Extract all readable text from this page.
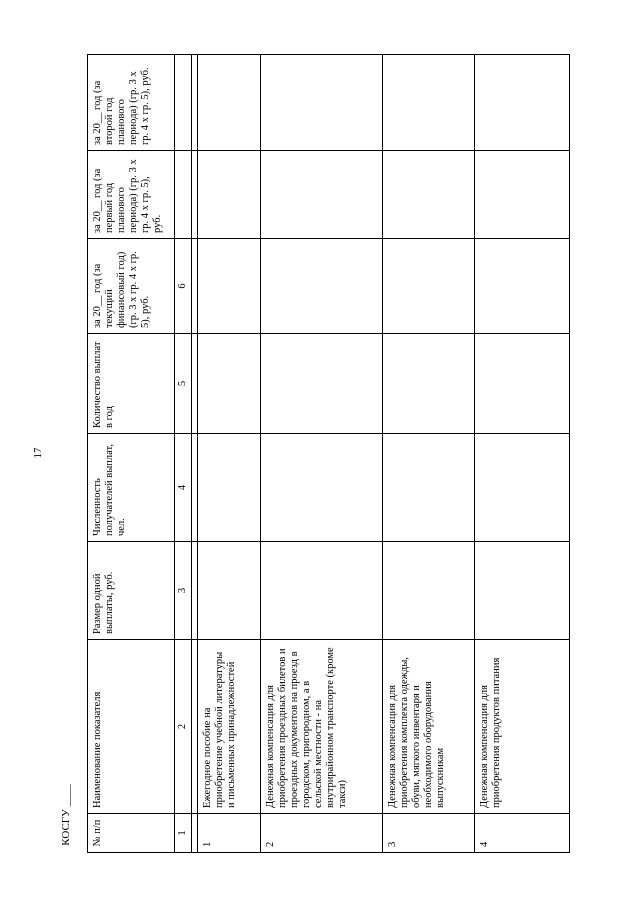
17
КОСГУ ____ № п/п	Наименование показателя	Размер одной выплаты, руб.	Численность получателей выплат, чел.	Количество выплат в год	за 20__ год (за текущий финансовый год) (гр. 3 х гр. 4 х гр. 5), руб.	за 20__ год (за первый год планового периода) (гр. 3 х гр. 4 х гр. 5), руб.	за 20__ год (за второй год планового периода) (гр. 3 х гр. 4 х гр. 5), руб.
1	2	3	4	5	6		

1	Ежегодное пособие на приобретение учебной литературы и письменных принадлежностей						
2	Денежная компенсация для приобретения проездных билетов и проездных документов на проезд в городском, пригородном, а в сельской местности - на внутрирайонном транспорте (кроме такси)						
3	Денежная компенсация для приобретения комплекта одежды, обуви, мягкого инвентаря и необходимого оборудования выпускникам						
4	Денежная компенсация для приобретения продуктов питания						
